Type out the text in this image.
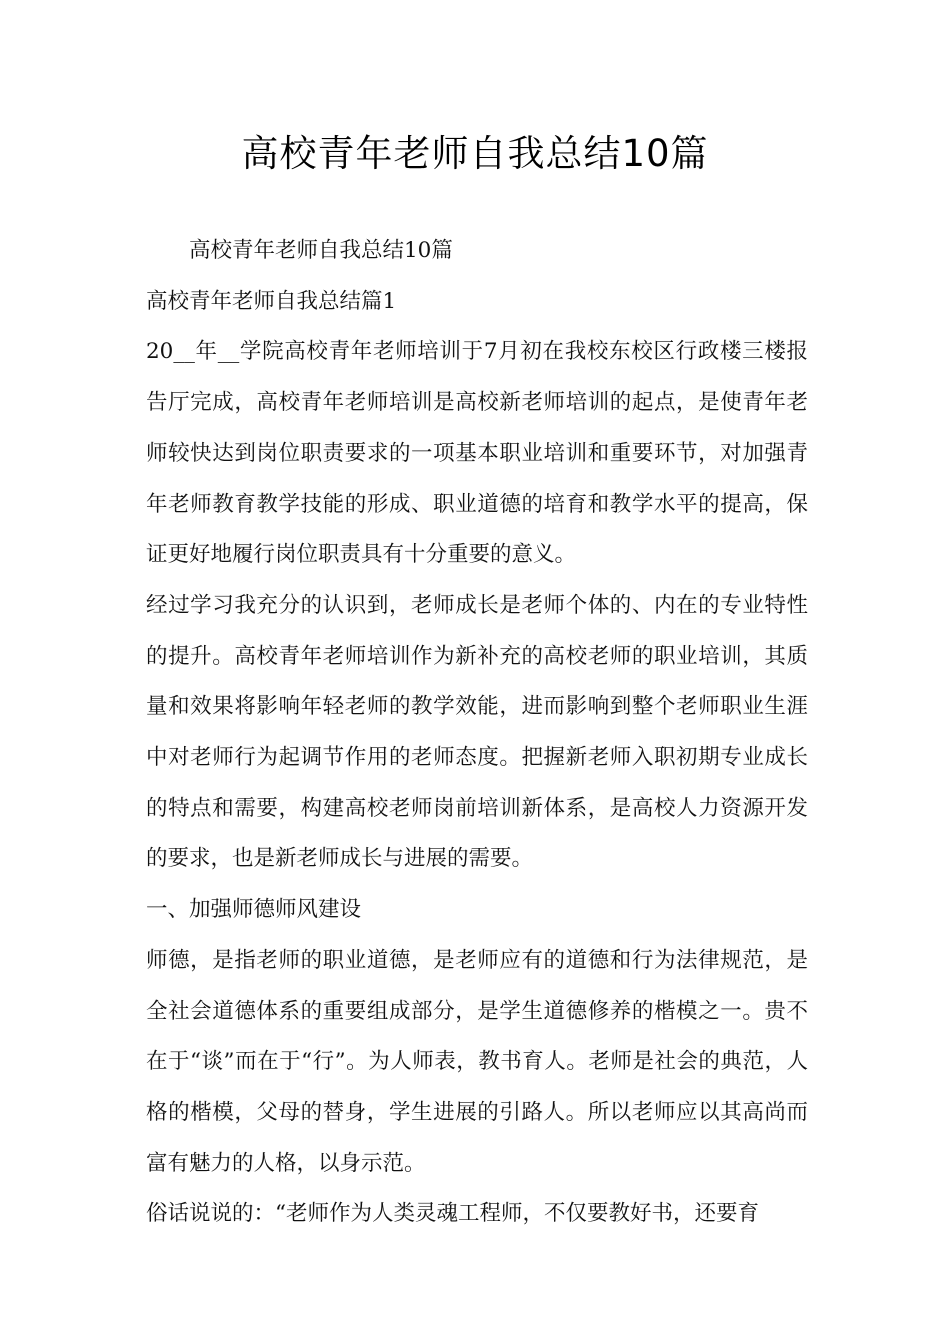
高校青年老师自我总结10篇

高校青年老师自我总结10篇

高校青年老师自我总结篇1

20__年__学院高校青年老师培训于7月初在我校东校区行政楼三楼报告厅完成，高校青年老师培训是高校新老师培训的起点，是使青年老师较快达到岗位职责要求的一项基本职业培训和重要环节，对加强青年老师教育教学技能的形成、职业道德的培育和教学水平的提高，保证更好地履行岗位职责具有十分重要的意义。

经过学习我充分的认识到，老师成长是老师个体的、内在的专业特性的提升。高校青年老师培训作为新补充的高校老师的职业培训，其质量和效果将影响年轻老师的教学效能，进而影响到整个老师职业生涯中对老师行为起调节作用的老师态度。把握新老师入职初期专业成长的特点和需要，构建高校老师岗前培训新体系，是高校人力资源开发的要求，也是新老师成长与进展的需要。

一、加强师德师风建设

师德，是指老师的职业道德，是老师应有的道德和行为法律规范，是全社会道德体系的重要组成部分，是学生道德修养的楷模之一。贵不在于“谈”而在于“行”。为人师表，教书育人。老师是社会的典范，人格的楷模，父母的替身，学生进展的引路人。所以老师应以其高尚而富有魅力的人格，以身示范。

俗话说说的：“老师作为人类灵魂工程师，不仅要教好书，还要育
